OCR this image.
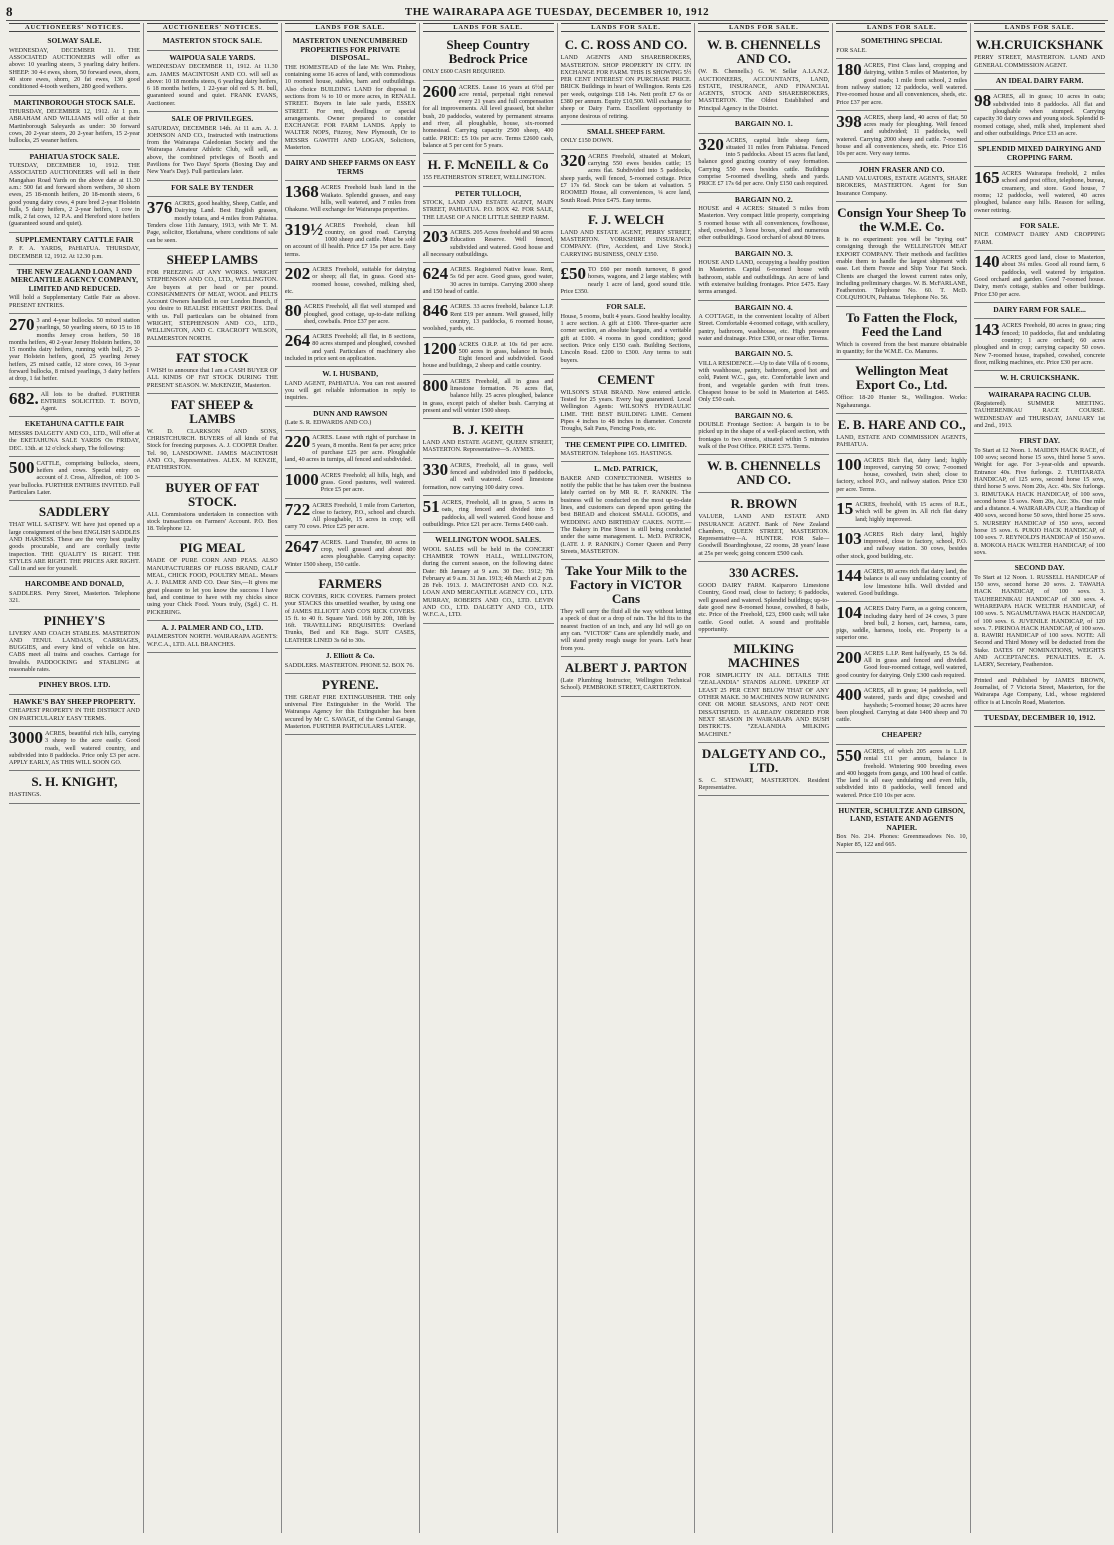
8	THE WAIRARAPA AGE TUESDAY, DECEMBER 10, 1912
AUCTIONEERS' NOTICES.
SOLWAY SALE.

WEDNESDAY, DECEMBER 11. THE ASSOCIATED AUCTIONEERS will offer as above: 10 yearling steers, 3 yearling dairy heifers. SHEEP: 30 4-t ewes, shorn, 50 forward ewes, shorn, 40 store ewes, shorn, 20 fat ewes, 130 good conditioned 4-tooth wethers, 280 good wethers.

MARTINBOROUGH STOCK SALE.

THURSDAY, DECEMBER 12, 1912. At 1 p.m. ABRAHAM AND WILLIAMS will offer at their Martinborough Saleyards as under: 30 forward cows, 20 2-year steers, 20 2-year heifers, 15 2-year bullocks, 25 weaner heifers.

PAHIATUA STOCK SALE.

TUESDAY, DECEMBER 10, 1912. THE ASSOCIATED AUCTIONEERS will sell in their Mangahao Road Yards on the above date at 11.30 a.m.: 500 fat and forward shorn wethers, 30 shorn ewes, 25 18-month heifers, 20 18-month steers, 6 good young dairy cows, 4 pure bred 2-year Holstein bulls, 5 dairy heifers, 2 2-year heifers, 1 cow in milk, 2 fat cows, 12 P.A. and Hereford store heifers (guaranteed sound and quiet).

SUPPLEMENTARY CATTLE FAIR

P. F. A. YARDS, PAHIATUA. THURSDAY, DECEMBER 12, 1912. At 12.30 p.m.

THE NEW ZEALAND LOAN AND MERCANTILE AGENCY COMPANY, LIMITED AND REDUCED.

Will hold a Supplementary Cattle Fair as above. PRESENT ENTRIES.

270 3 and 4-year bullocks. 50 mixed station yearlings, 50 yearling steers, 60 15 to 18 months Jersey cross heifers, 50 18 months heifers, 40 2-year Jersey Holstein heifers, 30 15 months dairy heifers, running with bull, 25 2-year Holstein heifers, good, 25 yearling Jersey heifers, 25 mixed cattle, 12 store cows, 16 3-year forward bullocks, 8 mixed yearlings, 3 dairy heifers at drop, 1 fat heifer.

682. All lots to be drafted. FURTHER ENTRIES SOLICITED. T. BOYD, Agent.

EKETAHUNA CATTLE FAIR

MESSRS DALGETY AND CO., LTD., Will offer at the EKETAHUNA SALE YARDS On FRIDAY, DEC. 13th. at 12 o'clock sharp, The following:

500 CATTLE, comprising bullocks, steers, heifers and cows. Special entry on account of J. Cross, Alfredton, of: 100 3-year bullocks. FURTHER ENTRIES INVITED. Full Particulars Later.

SADDLERY

THAT WILL SATISFY. WE have just opened up a large consignment of the best ENGLISH SADDLES AND HARNESS. These are the very best quality goods procurable, and are cordially invite inspection. THE QUALITY IS RIGHT. THE STYLES ARE RIGHT. THE PRICES ARE RIGHT. Call in and see for yourself.

HARCOMBE AND DONALD,

SADDLERS. Perry Street, Masterton. Telephone 321.

PINHEY'S

LIVERY AND COACH STABLES. MASTERTON AND TENUI. LANDAUS, CARRIAGES, BUGGIES, and every kind of vehicle on hire. CABS meet all trains and coaches. Carriage for Invalids. PADDOCKING and STABLING at reasonable rates.

PINHEY BROS. LTD.
HAWKE'S BAY SHEEP PROPERTY.

CHEAPEST PROPERTY IN THE DISTRICT AND ON PARTICULARLY EASY TERMS.

3000 ACRES, beautiful rich hills, carrying 3 sheep to the acre easily. Good roads, well watered country, and subdivided into 8 paddocks. Price only £3 per acre. APPLY EARLY, AS THIS WILL SOON GO.

S. H. KNIGHT,

HASTINGS.

AUCTIONEERS' NOTICES.
MASTERTON STOCK SALE.
WAIPOUA SALE YARDS.

WEDNESDAY DECEMBER 11, 1912. At 11.30 a.m. JAMES MACINTOSH AND CO. will sell as above: 10 18 months steers, 6 yearling dairy heifers, 6 18 months heifers, 1 22-year old red S. H. bull, guaranteed sound and quiet. FRANK EVANS, Auctioneer.

SALE OF PRIVILEGES.

SATURDAY, DECEMBER 14th. At 11 a.m. A. J. JOHNSON AND CO., Instructed with instructions from the Wairarapa Caledonian Society and the Wairarapa Amateur Athletic Club, will sell, as above, the combined privileges of Booth and Pavilions for Two Days' Sports (Boxing Day and New Year's Day). Full particulars later.

FOR SALE BY TENDER

376 ACRES, good healthy, Sheep, Cattle, and Dairying Land. Best English grasses, mostly totara, and 4 miles from Pahiatua. Tenders close 11th January, 1913, with Mr T. M. Page, solicitor, Eketahuna, where conditions of sale can be seen.

SHEEP LAMBS

FOR FREEZING AT ANY WORKS. WRIGHT STEPHENSON AND CO., LTD., WELLINGTON. Are buyers at per head or per pound. CONSIGNMENTS OF MEAT, WOOL and PELTS Account Owners handled in our London Branch, if you desire to REALISE HIGHEST PRICES. Deal with us. Full particulars can be obtained from WRIGHT, STEPHENSON AND CO., LTD., WELLINGTON, AND C. CRACROFT WILSON, PALMERSTON NORTH.

FAT STOCK

I WISH to announce that I am a CASH BUYER OF ALL KINDS OF FAT STOCK DURING THE PRESENT SEASON. W. McKENZIE, Masterton.

FAT SHEEP & LAMBS

W. D. CLARKSON AND SONS, CHRISTCHURCH. BUYERS of all kinds of Fat Stock for freezing purposes. A. J. COOPER Drafter. Tel. 90, LANSDOWNE. JAMES MACINTOSH AND CO., Representatives. ALEX. M KENZIE, FEATHERSTON.

BUYER OF FAT STOCK.

ALL Commissions undertaken in connection with stock transactions on Farmers' Account. P.O. Box 18. Telephone 12.

PIG MEAL

MADE OF PURE CORN AND PEAS. ALSO MANUFACTURERS OF FLOSS BRAND, CALF MEAL, CHICK FOOD, POULTRY MEAL. Messrs A. J. PALMER AND CO. Dear Sirs,—It gives me great pleasure to let you know the success I have had, and continue to have with my chicks since using your Chick Food. Yours truly, (Sgd.) C. H. PICKERING.

A. J. PALMER AND CO., LTD.

PALMERSTON NORTH. WAIRARAPA AGENTS: W.F.C.A., LTD. ALL BRANCHES.

LANDS FOR SALE.
MASTERTON UNENCUMBERED PROPERTIES FOR PRIVATE DISPOSAL.

THE HOMESTEAD of the late Mr. Wm. Pinhey, containing some 16 acres of land, with commodious 10 roomed house, stables, barn and outbuildings. Also choice BUILDING LAND for disposal in sections from ¼ to 10 or more acres, in RENALL STREET. Buyers in late sale yards, ESSEX STREET. For rent, dwellings or special arrangements. Owner prepared to consider EXCHANGE FOR FARM LANDS. Apply to WALTER NOPS, Fitzroy, New Plymouth, Or to MESSRS GAWITH AND LOGAN, Solicitors, Masterton.

DAIRY AND SHEEP FARMS ON EASY TERMS

1368 ACRES Freehold bush land in the Waikato. Splendid grasses, and easy hills, well watered, and 7 miles from Ohakune. Will exchange for Wairarapa properties.

319½ ACRES Freehold, clean hill country, on good road. Carrying 1000 sheep and cattle. Must be sold on account of ill health. Price £7 15s per acre. Easy terms.

202 ACRES Freehold, suitable for dairying or sheep; all flat, in grass. Good six-roomed house, cowshed, milking shed, etc.

80 ACRES Freehold, all flat well stumped and ploughed, good cottage, up-to-date milking shed, cowbails. Price £37 per acre.

264 ACRES Freehold; all flat, in 8 sections, 80 acres stumped and ploughed, cowshed and yard. Particulars of machinery also included in price sent on application.

W. I. HUSBAND,

LAND AGENT, PAHIATUA. You can rest assured you will get reliable information in reply to inquiries.

DUNN AND RAWSON

(Late S. R. EDWARDS AND CO.)

220 ACRES. Lease with right of purchase in 5 years, 8 months. Rent 6s per acre; price of purchase £25 per acre. Ploughable land, 40 acres in turnips, all fenced and subdivided.

1000 ACRES Freehold; all hills, high, and grass. Good pastures, well watered. Price £5 per acre.

722 ACRES Freehold, 1 mile from Carterton, close to factory, P.O., school and church. All ploughable, 15 acres in crop; will carry 70 cows. Price £25 per acre.

2647 ACRES. Land Transfer, 80 acres in crop, well grassed and about 800 acres ploughable. Carrying capacity: Winter 1500 sheep, 150 cattle.

FARMERS

RICK COVERS, RICK COVERS. Farmers protect your STACKS this unsettled weather, by using one of JAMES ELLIOTT AND CO'S RICK COVERS. 15 ft. to 40 ft. Square Yard. 16ft by 20ft, 18ft by 16ft. TRAVELLING REQUISITES: Overland Trunks, Bed and Kit Bags. SUIT CASES, LEATHER LINED 3s 6d to 30s.

J. Elliott & Co.

SADDLERS. MASTERTON. PHONE 52. BOX 76.

PYRENE.

THE GREAT FIRE EXTINGUISHER. THE only universal Fire Extinguisher in the World. The Wairarapa Agency for this Extinguisher has been secured by Mr C. SAVAGE, of the Central Garage, Masterton. FURTHER PARTICULARS LATER.

LANDS FOR SALE.
Sheep Country Bedrock Price

ONLY £600 CASH REQUIRED.

2600 ACRES. Lease 16 years at 6½d per acre rental, perpetual right renewal every 21 years and full compensation for all improvements. All level grassed, but shelter bush, 20 paddocks, watered by permanent streams and river, all ploughable, house, six-roomed homestead. Carrying capacity 2500 sheep, 400 cattle. PRICE: £5 10s per acre. Terms £2600 cash, balance at 5 per cent for 5 years.

H. F. McNEILL & Co

155 FEATHERSTON STREET, WELLINGTON.

PETER TULLOCH,

STOCK, LAND AND ESTATE AGENT, MAIN STREET, PAHIATUA. P.O. BOX 42. FOR SALE, THE LEASE OF A NICE LITTLE SHEEP FARM.

203 ACRES. 205 Acres freehold and 98 acres Education Reserve. Well fenced, subdivided and watered. Good house and all necessary outbuildings.

624 ACRES. Registered Native lease. Rent, 5s 6d per acre. Good grass, good water, 30 acres in turnips. Carrying 2000 sheep and 150 head of cattle.

846 ACRES. 33 acres freehold, balance L.I.P. Rent £19 per annum. Well grassed, hilly country, 13 paddocks, 6 roomed house, woolshed, yards, etc.

1200 ACRES O.R.P. at 10s 6d per acre. 500 acres in grass, balance in bush. Eight fenced and subdivided. Good house and buildings, 2 sheep and cattle country.

800 ACRES Freehold, all in grass and limestone formation. 76 acres flat, balance hilly. 25 acres ploughed, balance in grass, except patch of shelter bush. Carrying at present and will winter 1500 sheep.

B. J. KEITH

LAND AND ESTATE AGENT, QUEEN STREET, MASTERTON. Representative—S. AYMES.

330 ACRES, Freehold, all in grass, well fenced and subdivided into 8 paddocks, all well watered. Good limestone formation, now carrying 100 dairy cows.

51 ACRES, Freehold, all in grass, 5 acres in oats, ring fenced and divided into 5 paddocks, all well watered. Good house and outbuildings. Price £21 per acre. Terms £400 cash.

WELLINGTON WOOL SALES.

WOOL SALES will be held in the CONCERT CHAMBER TOWN HALL, WELLINGTON, during the current season, on the following dates: Date: 8th January at 9 a.m. 30 Dec. 1912; 7th February at 9 a.m. 31 Jan. 1913; 4th March at 2 p.m. 28 Feb. 1913. J. MACINTOSH AND CO. N.Z. LOAN AND MERCANTILE AGENCY CO., LTD. MURRAY, ROBERTS AND CO., LTD. LEVIN AND CO., LTD. DALGETY AND CO., LTD. W.F.C.A., LTD.

LANDS FOR SALE.
C. C. ROSS AND CO.

LAND AGENTS AND SHAREBROKERS, MASTERTON. SHOP PROPERTY IN CITY. IN EXCHANGE FOR FARM. THIS IS SHOWING 5½ PER CENT INTEREST ON PURCHASE PRICE. BRICK Buildings in heart of Wellington. Rents £26 per week, outgoings £18 14s. Nett profit £7 6s or £380 per annum. Equity £10,500. Will exchange for sheep or Dairy Farm. Excellent opportunity to anyone desirous of retiring.

SMALL SHEEP FARM.

ONLY £150 DOWN.

320 ACRES Freehold, situated at Mokuri, carrying 550 ewes besides cattle; 15 acres flat. Subdivided into 5 paddocks, sheep yards, well fenced, 5-roomed cottage. Price £7 17s 6d. Stock can be taken at valuation. 5 ROOMED House, all conveniences, ¼ acre land, South Road. Price £475. Easy terms.

F. J. WELCH

LAND AND ESTATE AGENT, PERRY STREET, MASTERTON. YORKSHIRE INSURANCE COMPANY. (Fire, Accident, and Live Stock.) CARRYING BUSINESS, ONLY £350.

£50 TO £60 per month turnover, 8 good horses, wagons, and 2 large stables; with nearly 1 acre of land, good sound title. Price £350.

FOR SALE.

House, 5 rooms, built 4 years. Good healthy locality. 1 acre section. A gift at £100. Three-quarter acre corner section, an absolute bargain, and a veritable gift at £100. 4 rooms in good condition; good section. Price only £150 cash. Building Sections, Lincoln Road. £200 to £300. Any terms to suit buyers.

CEMENT

WILSON'S STAR BRAND. Now entered article. Tested for 25 years. Every bag guaranteed. Local Wellington Agents: WILSON'S HYDRAULIC LIME. THE BEST BUILDING LIME. Cement Pipes 4 inches to 48 inches in diameter. Concrete Troughs, Salt Pans, Fencing Posts, etc.

THE CEMENT PIPE CO. LIMITED.

MASTERTON. Telephone 165. HASTINGS.

L. McD. PATRICK,

BAKER AND CONFECTIONER. WISHES to notify the public that he has taken over the business lately carried on by MR R. F. RANKIN. The business will be conducted on the most up-to-date lines, and customers can depend upon getting the best BREAD and choicest SMALL GOODS, and WEDDING AND BIRTHDAY CAKES. NOTE.—The Bakery in Pine Street is still being conducted under the same management. L. McD. PATRICK, (LATE J. P. RANKIN.) Corner Queen and Perry Streets, MASTERTON.

Take Your Milk to the Factory in VICTOR Cans

They will carry the fluid all the way without letting a speck of dust or a drop of rain. The lid fits to the nearest fraction of an inch, and any lid will go on any can. "VICTOR" Cans are splendidly made, and will stand pretty rough usage for years. Let's hear from you.

ALBERT J. PARTON

(Late Plumbing Instructor, Wellington Technical School). PEMBROKE STREET, CARTERTON.

LANDS FOR SALE.
W. B. CHENNELLS AND CO.

(W. B. Chennells.) G. W. Sellar A.I.A.N.Z. AUCTIONEERS, ACCOUNTANTS, LAND, ESTATE, INSURANCE, AND FINANCIAL AGENTS, STOCK AND SHAREBROKERS, MASTERTON. The Oldest Established and Principal Agency in the District.

BARGAIN NO. 1.

320 ACRES, capital little sheep farm, situated 11 miles from Pahiatua. Fenced into 5 paddocks. About 15 acres flat land, balance good grazing country of easy formation. Carrying 550 ewes besides cattle. Buildings comprise 5-roomed dwelling, sheds and yards. PRICE £7 17s 6d per acre. Only £150 cash required.

BARGAIN NO. 2.

HOUSE and 4 ACRES: Situated 3 miles from Masterton. Very compact little property, comprising 5 roomed house with all conveniences, fowlhouse, shed, cowshed, 3 loose boxes, shed and numerous other outbuildings. Good orchard of about 80 trees.

BARGAIN NO. 3.

HOUSE AND LAND, occupying a healthy position in Masterton. Capital 6-roomed house with bathroom, stable and outbuildings. An acre of land with extensive building frontages. Price £475. Easy terms arranged.

BARGAIN NO. 4.

A COTTAGE, in the convenient locality of Albert Street. Comfortable 4-roomed cottage, with scullery, pantry, bathroom, washhouse, etc. High pressure water and drainage. Price £300, or near offer. Terms.

BARGAIN NO. 5.

VILLA RESIDENCE.—Up to date Villa of 6 rooms, with washhouse, pantry, bathroom, good hot and cold, Patent W.C., gas, etc. Comfortable lawn and front, and vegetable garden with fruit trees. Cheapest house to be sold in Masterton at £465. Only £50 cash.

BARGAIN NO. 6.

DOUBLE Frontage Section: A bargain is to be picked up in the shape of a well-placed section, with frontages to two streets, situated within 5 minutes walk of the Post Office. PRICE £375. Terms.

W. B. CHENNELLS AND CO.
R. BROWN

VALUER, LAND AND ESTATE AND INSURANCE AGENT. Bank of New Zealand Chambers, QUEEN STREET, MASTERTON. Representative—A. HUNTER. FOR Sale—Goodwill Boardinghouse, 22 rooms, 28 years' lease at 25s per week; going concern £500 cash.

330 ACRES.

GOOD DAIRY FARM. Kaiparoro Limestone Country, Good road, close to factory; 6 paddocks, well grassed and watered. Splendid buildings; up-to-date good new 8-roomed house, cowshed, 8 bails, etc. Price of the Freehold, £23, £900 cash; will take cattle. Good outlet. A sound and profitable opportunity.

MILKING MACHINES

FOR SIMPLICITY IN ALL DETAILS THE "ZEALANDIA" STANDS ALONE. UPKEEP AT LEAST 25 PER CENT BELOW THAT OF ANY OTHER MAKE. 30 MACHINES NOW RUNNING ONE OR MORE SEASONS, AND NOT ONE DISSATISFIED. 15 ALREADY ORDERED FOR NEXT SEASON IN WAIRARAPA AND BUSH DISTRICTS. "ZEALANDIA MILKING MACHINE."

DALGETY AND CO., LTD.

S. C. STEWART, MASTERTON. Resident Representative.

LANDS FOR SALE.
SOMETHING SPECIAL

FOR SALE.

180 ACRES, First Class land, cropping and dairying, within 5 miles of Masterton, by good roads; 1 mile from school, 2 miles from railway station; 12 paddocks, well watered. Five-roomed house and all conveniences, sheds, etc. Price £37 per acre.

398 ACRES, sheep land, 40 acres of flat; 50 acres ready for ploughing. Well fenced and subdivided; 11 paddocks, well watered. Carrying 2000 sheep and cattle. 7-roomed house and all conveniences, sheds, etc. Price £16 10s per acre. Very easy terms.

JOHN FRASER AND CO.

LAND VALUATORS, ESTATE AGENTS, SHARE BROKERS, MASTERTON. Agent for Sun Insurance Company.

Consign Your Sheep To the W.M.E. Co.

It is no experiment: you will be "trying out" consigning through the WELLINGTON MEAT EXPORT COMPANY. Their methods and facilities enable them to handle the largest shipment with ease. Let them Freeze and Ship Your Fat Stock. Clients are charged the lowest current rates only, including preliminary charges. W. B. McFARLANE, Featherston. Telephone No. 60. T. McD. COLQUHOUN, Pahiatua. Telephone No. 56.

To Fatten the Flock, Feed the Land

Which is covered from the best manure obtainable in quantity; for the W.M.E. Co. Manures.

Wellington Meat Export Co., Ltd.

Office: 18-20 Hunter St., Wellington. Works: Ngahauranga.

E. B. HARE AND CO.,

LAND, ESTATE AND COMMISSION AGENTS, PAHIATUA.

100 ACRES Rich flat, dairy land; highly improved, carrying 50 cows; 7-roomed house, cowshed, twin shed; close to factory, school P.O., and railway station. Price £30 per acre. Terms.

15 ACRES, freehold, with 15 acres of R.E., which will be given in. All rich flat dairy land; highly improved.

103 ACRES Rich dairy land, highly improved, close to factory, school, P.O. and railway station. 30 cows, besides other stock, good building, etc.

144 ACRES, 80 acres rich flat dairy land, the balance is all easy undulating country of low limestone hills. Well divided and watered. Good buildings.

104 ACRES Dairy Farm, as a going concern, including dairy herd of 24 cows, 3 pure bred bull, 2 horses, cart, harness, cans, pigs, saddle, harness, tools, etc. Property is a superior one.

200 ACRES L.I.P. Rent halfyearly, £5 3s 6d. All in grass and fenced and divided. Good four-roomed cottage, well watered, good country for dairying. Only £300 cash required.

400 ACRES, all in grass; 14 paddocks, well watered, yards and dips; cowshed and haysheds; 5-roomed house; 20 acres have been ploughed. Carrying at date 1400 sheep and 70 cattle.

CHEAPER?

550 ACRES, of which 205 acres is L.I.P. rental £11 per annum, balance is freehold. Wintering 900 breeding ewes and 400 hoggets from gangs, and 100 head of cattle. The land is all easy undulating and even hills, subdivided into 8 paddocks, well fenced and watered. Price £10 10s per acre.

HUNTER, SCHULTZE AND GIBSON, LAND, ESTATE AND AGENTS NAPIER.

Box No. 214. Phones: Greenmeadows No. 10, Napier 85, 122 and 665.

LANDS FOR SALE.
W.H.CRUICKSHANK

PERRY STREET, MASTERTON. LAND AND GENERAL COMMISSION AGENT.

AN IDEAL DAIRY FARM.

98 ACRES, all in grass; 10 acres in oats; subdivided into 8 paddocks. All flat and ploughable when stumped. Carrying capacity 30 dairy cows and young stock. Splendid 8-roomed cottage, shed, milk shed, implement shed and other outbuildings. Price £33 an acre.

SPLENDID MIXED DAIRYING AND CROPPING FARM.

165 ACRES Wairarapa freehold, 2 miles school and post office, telephone, bureau, creamery, and store. Good house, 7 rooms; 12 paddocks, well watered, 40 acres ploughed, balance easy hills. Reason for selling, owner retiring.

FOR SALE.

NICE COMPACT DAIRY AND CROPPING FARM.

140 ACRES good land, close to Masterton, about 3¼ miles. Good all round farm, 6 paddocks, well watered by irrigation. Good orchard and garden. Good 7-roomed house. Dairy, men's cottage, stables and other buildings. Price £30 per acre.

DAIRY FARM FOR SALE...

143 ACRES Freehold, 80 acres in grass; ring fenced; 10 paddocks, flat and undulating country; 1 acre orchard; 60 acres ploughed and in crop; carrying capacity 50 cows. New 7-roomed house, trapshed, cowshed, concrete floor, milking machines, etc. Price £30 per acre.

W. H. CRUICKSHANK.
WAIRARAPA RACING CLUB.

(Registered). SUMMER MEETING. TAUHERENIKAU RACE COURSE. WEDNESDAY and THURSDAY, JANUARY 1st and 2nd., 1913.

FIRST DAY.

To Start at 12 Noon. 1. MAIDEN HACK RACE, of 100 sovs; second horse 15 sovs, third horse 5 sovs. Weight for age. For 3-year-olds and upwards. Entrance 40s. Five furlongs. 2. TUHITARATA HANDICAP, of 125 sovs, second horse 15 sovs, third horse 5 sovs. Nom 20s, Acc. 40s. Six furlongs. 3. RIMUTAKA HACK HANDICAP, of 100 sovs, second horse 15 sovs. Nom 20s, Acc. 30s. One mile and a distance. 4. WAIRARAPA CUP, a Handicap of 400 sovs, second horse 50 sovs, third horse 25 sovs. 5. NURSERY HANDICAP of 150 sovs, second horse 15 sovs. 6. PUKIO HACK HANDICAP, of 100 sovs. 7. REYNOLD'S HANDICAP of 150 sovs. 8. MOKOIA HACK WELTER HANDICAP, of 100 sovs.

SECOND DAY.

To Start at 12 Noon. 1. RUSSELL HANDICAP of 150 sovs, second horse 20 sovs. 2. TAWAHA HACK HANDICAP, of 100 sovs. 3. TAUHERENIKAU HANDICAP of 300 sovs. 4. WHAREPAPA HACK WELTER HANDICAP, of 100 sovs. 5. NGAUMUTAWA HACK HANDICAP, of 100 sovs. 6. JUVENILE HANDICAP, of 120 sovs. 7. PIRINOA HACK HANDICAP, of 100 sovs. 8. RAWIRI HANDICAP of 100 sovs. NOTE: All Second and Third Money will be deducted from the Stake. DATES OF NOMINATIONS, WEIGHTS AND ACCEPTANCES. PENALTIES. E. A. LAERY, Secretary, Featherston.

Printed and Published by JAMES BROWN, Journalist, of 7 Victoria Street, Masterton, for the Wairarapa Age Company, Ltd., whose registered office is at Lincoln Road, Masterton.

TUESDAY, DECEMBER 10, 1912.
